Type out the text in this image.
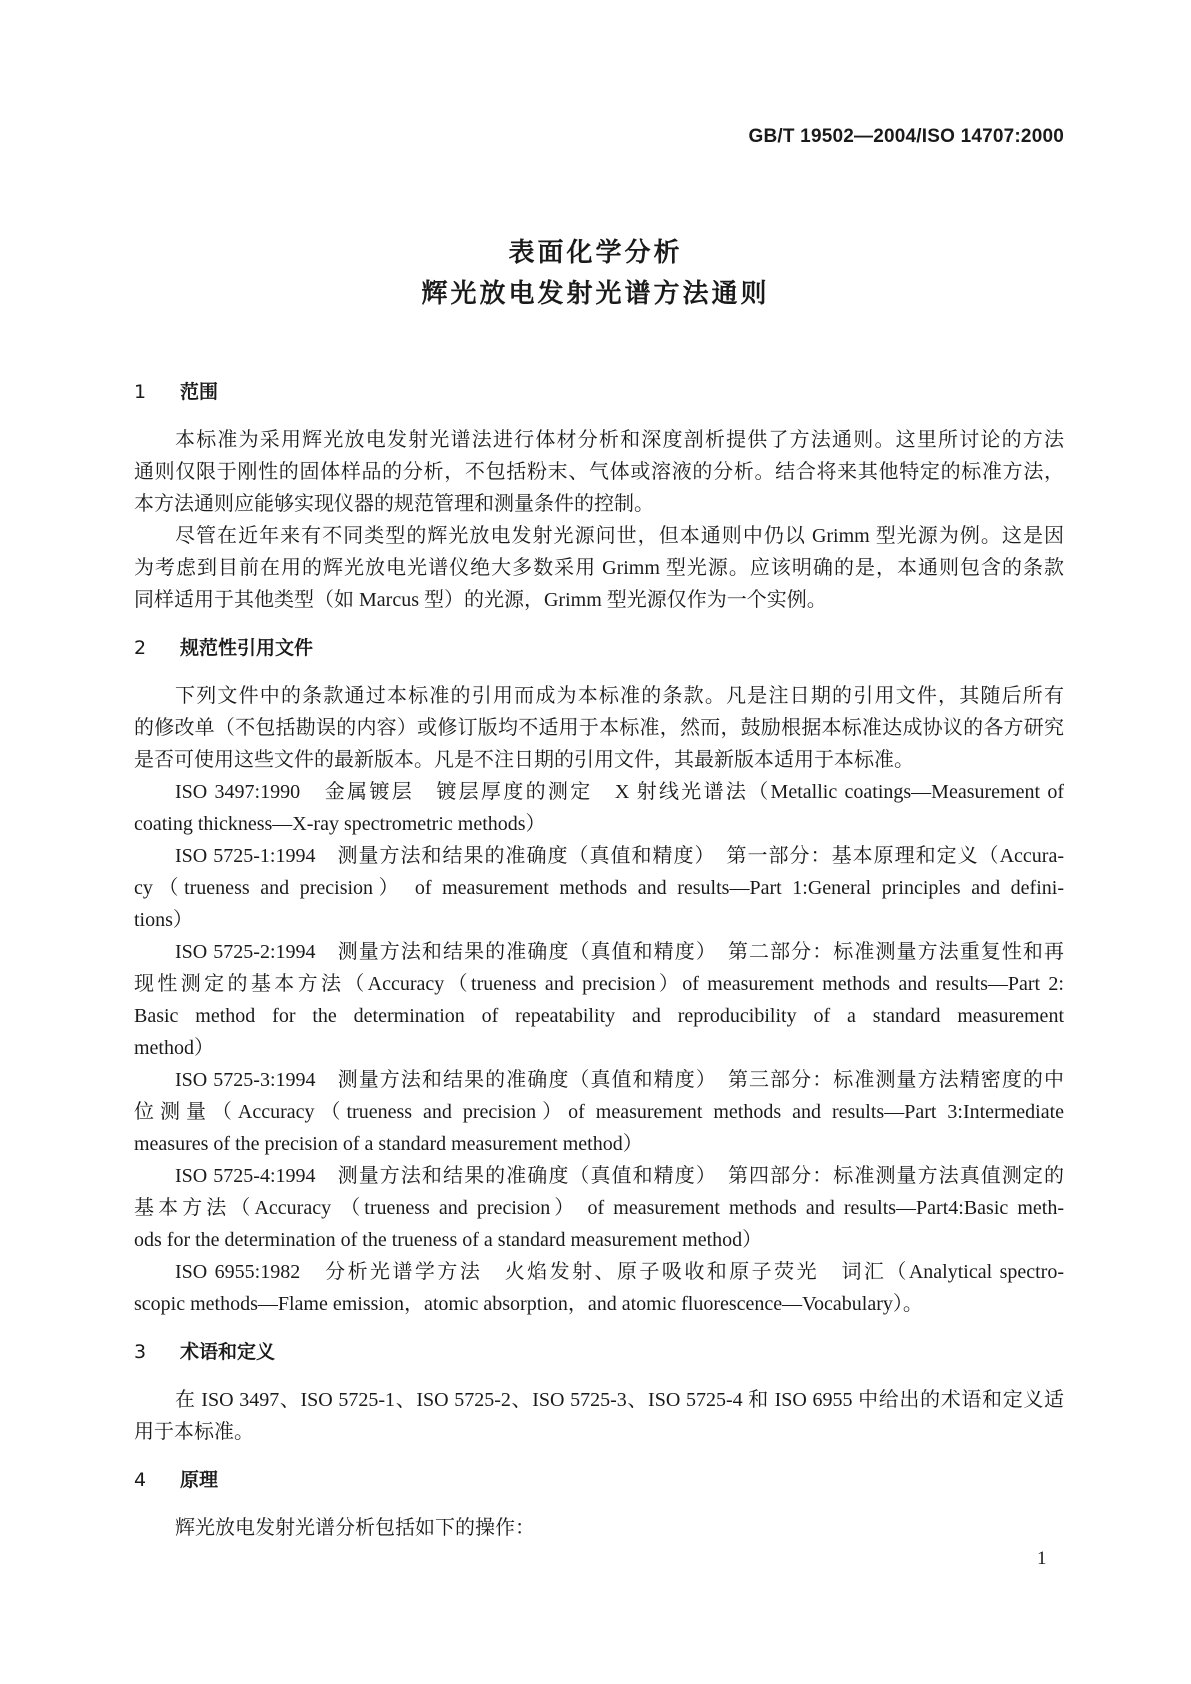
GB/T 19502—2004/ISO 14707:2000
表面化学分析
辉光放电发射光谱方法通则
1 范围
本标准为采用辉光放电发射光谱法进行体材分析和深度剖析提供了方法通则。这里所讨论的方法
通则仅限于刚性的固体样品的分析，不包括粉末、气体或溶液的分析。结合将来其他特定的标准方法，
本方法通则应能够实现仪器的规范管理和测量条件的控制。
尽管在近年来有不同类型的辉光放电发射光源问世，但本通则中仍以 Grimm 型光源为例。这是因
为考虑到目前在用的辉光放电光谱仪绝大多数采用 Grimm 型光源。应该明确的是，本通则包含的条款
同样适用于其他类型（如 Marcus 型）的光源，Grimm 型光源仅作为一个实例。
2 规范性引用文件
下列文件中的条款通过本标准的引用而成为本标准的条款。凡是注日期的引用文件，其随后所有
的修改单（不包括勘误的内容）或修订版均不适用于本标准，然而，鼓励根据本标准达成协议的各方研究
是否可使用这些文件的最新版本。凡是不注日期的引用文件，其最新版本适用于本标准。
ISO 3497:1990　金属镀层　镀层厚度的测定　X 射线光谱法（Metallic coatings—Measurement of
coating thickness—X-ray spectrometric methods）
ISO 5725-1:1994　测量方法和结果的准确度（真值和精度）　第一部分：基本原理和定义（Accura-
cy（trueness and precision） of measurement methods and results—Part 1:General principles and defini-
tions）
ISO 5725-2:1994　测量方法和结果的准确度（真值和精度）　第二部分：标准测量方法重复性和再
现性测定的基本方法（Accuracy（trueness and precision）of measurement methods and results—Part 2:
Basic method for the determination of repeatability and reproducibility of a standard measurement
method）
ISO 5725-3:1994　测量方法和结果的准确度（真值和精度）　第三部分：标准测量方法精密度的中
位测量（Accuracy（trueness and precision）of measurement methods and results—Part 3:Intermediate
measures of the precision of a standard measurement method）
ISO 5725-4:1994　测量方法和结果的准确度（真值和精度）　第四部分：标准测量方法真值测定的
基本方法（Accuracy （trueness and precision） of measurement methods and results—Part4:Basic meth-
ods for the determination of the trueness of a standard measurement method）
ISO 6955:1982　分析光谱学方法　火焰发射、原子吸收和原子荧光　词汇（Analytical spectro-
scopic methods—Flame emission，atomic absorption，and atomic fluorescence—Vocabulary）。
3 术语和定义
在 ISO 3497、ISO 5725-1、ISO 5725-2、ISO 5725-3、ISO 5725-4 和 ISO 6955 中给出的术语和定义适
用于本标准。
4 原理
辉光放电发射光谱分析包括如下的操作：
1
